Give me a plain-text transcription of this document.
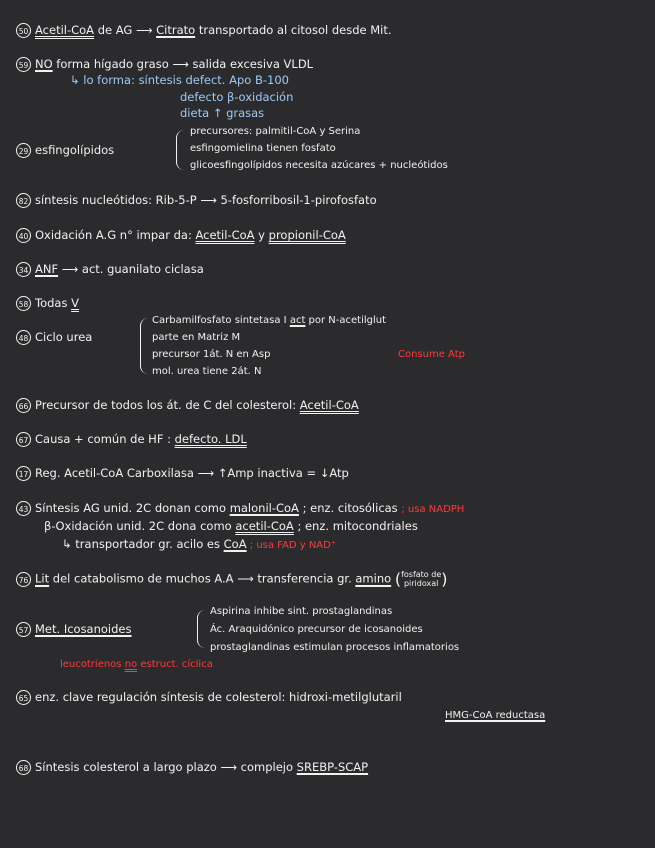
50 Acetil-CoA de AG ⟶ Citrato transportado al citosol desde Mit.
59 NO forma hígado graso ⟶ salida excesiva VLDL
↳ lo forma: síntesis defect. Apo B-100
defecto β-oxidación
dieta ↑ grasas
29 esfingolípidos
precursores: palmitil-CoA y Serina
esfingomielina tienen fosfato
glicoesfingolípidos necesita azúcares + nucleótidos
82 síntesis nucleótidos: Rib-5-P ⟶ 5-fosforribosil-1-pirofosfato
40 Oxidación A.G n° impar da: Acetil-CoA y propionil-CoA
34 ANF ⟶ act. guanilato ciclasa
58 Todas V
48 Ciclo urea
Carbamilfosfato sintetasa I act por N-acetilglut
parte en Matriz M
precursor 1át. N en Asp	Consume Atp
mol. urea tiene 2át. N
66 Precursor de todos los át. de C del colesterol: Acetil-CoA
67 Causa + común de HF : defecto. LDL
17 Reg. Acetil-CoA Carboxilasa ⟶ ↑Amp inactiva = ↓Atp
43 Síntesis AG unid. 2C donan como malonil-CoA ; enz. citosólicas ; usa NADPH
β-Oxidación unid. 2C dona como acetil-CoA ; enz. mitocondriales
↳ transportador gr. acilo es CoA ; usa FAD y NAD⁺
76 Lit del catabolismo de muchos A.A ⟶ transferencia gr. amino (fosfato de
piridoxal )
57 Met. Icosanoides
Aspirina inhibe sint. prostaglandinas
Ác. Araquidónico precursor de icosanoides
prostaglandinas estimulan procesos inflamatorios
leucotrienos no estruct. cíclica
65 enz. clave regulación síntesis de colesterol: hidroxi-metilglutaril
HMG-CoA reductasa
68 Síntesis colesterol a largo plazo ⟶ complejo SREBP-SCAP
